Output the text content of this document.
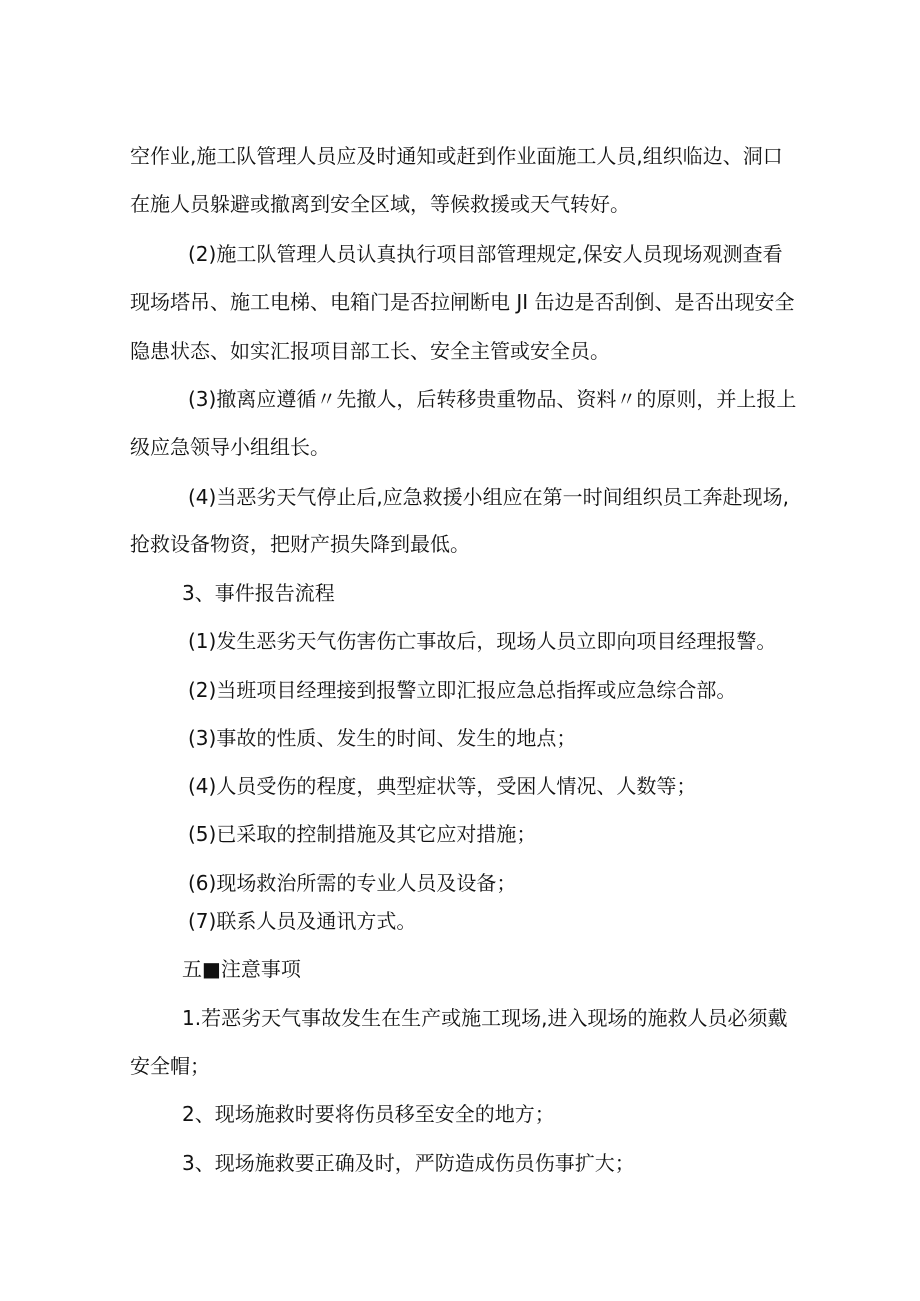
空作业,施工队管理人员应及时通知或赶到作业面施工人员,组织临边、洞口
在施人员躲避或撤离到安全区域，等候救援或天气转好。
(2)施工队管理人员认真执行项目部管理规定,保安人员现场观测查看
现场塔吊、施工电梯、电箱门是否拉闸断电 JI 缶边是否刮倒、是否出现安全
隐患状态、如实汇报项目部工长、安全主管或安全员。
(3)撤离应遵循〃先撤人，后转移贵重物品、资料〃的原则，并上报上
级应急领导小组组长。
(4)当恶劣天气停止后,应急救援小组应在第一时间组织员工奔赴现场,
抢救设备物资，把财产损失降到最低。
3、事件报告流程
(1)发生恶劣天气伤害伤亡事故后，现场人员立即向项目经理报警。
(2)当班项目经理接到报警立即汇报应急总指挥或应急综合部。
(3)事故的性质、发生的时间、发生的地点；
(4)人员受伤的程度，典型症状等，受困人情况、人数等；
(5)已采取的控制措施及其它应对措施；
(6)现场救治所需的专业人员及设备；
(7)联系人员及通讯方式。
五■注意事项
1.若恶劣天气事故发生在生产或施工现场,进入现场的施救人员必须戴
安全帽；
2、现场施救时要将伤员移至安全的地方；
3、现场施救要正确及时，严防造成伤员伤事扩大；
